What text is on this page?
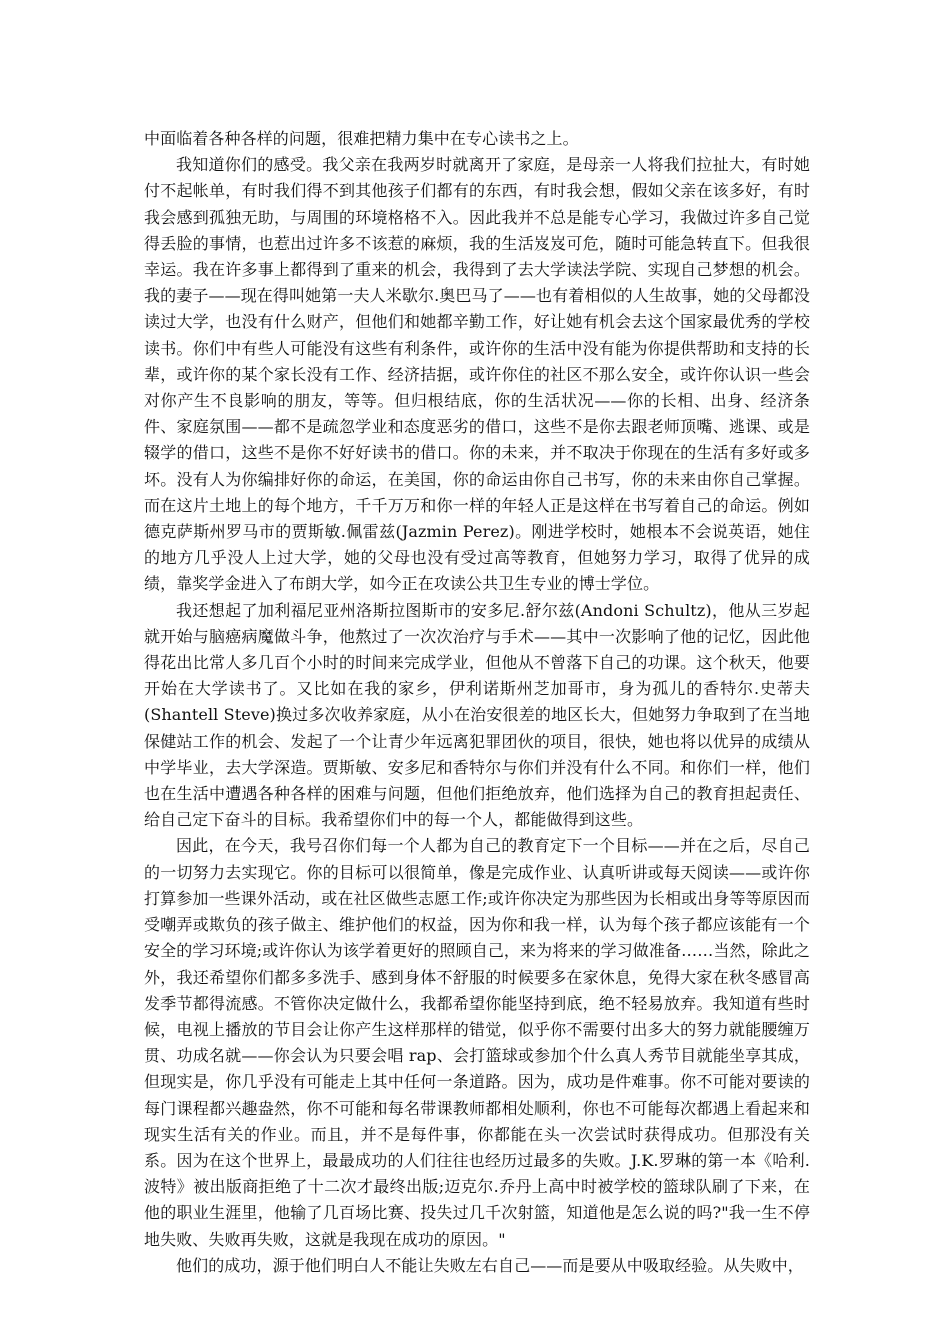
中面临着各种各样的问题，很难把精力集中在专心读书之上。

我知道你们的感受。我父亲在我两岁时就离开了家庭，是母亲一人将我们拉扯大，有时她付不起帐单，有时我们得不到其他孩子们都有的东西，有时我会想，假如父亲在该多好，有时我会感到孤独无助，与周围的环境格格不入。因此我并不总是能专心学习，我做过许多自己觉得丢脸的事情，也惹出过许多不该惹的麻烦，我的生活岌岌可危，随时可能急转直下。但我很幸运。我在许多事上都得到了重来的机会，我得到了去大学读法学院、实现自己梦想的机会。我的妻子——现在得叫她第一夫人米歇尔.奥巴马了——也有着相似的人生故事，她的父母都没读过大学，也没有什么财产，但他们和她都辛勤工作，好让她有机会去这个国家最优秀的学校读书。你们中有些人可能没有这些有利条件，或许你的生活中没有能为你提供帮助和支持的长辈，或许你的某个家长没有工作、经济拮据，或许你住的社区不那么安全，或许你认识一些会对你产生不良影响的朋友，等等。但归根结底，你的生活状况——你的长相、出身、经济条件、家庭氛围——都不是疏忽学业和态度恶劣的借口，这些不是你去跟老师顶嘴、逃课、或是辍学的借口，这些不是你不好好读书的借口。你的未来，并不取决于你现在的生活有多好或多坏。没有人为你编排好你的命运，在美国，你的命运由你自己书写，你的未来由你自己掌握。而在这片土地上的每个地方，千千万万和你一样的年轻人正是这样在书写着自己的命运。例如德克萨斯州罗马市的贾斯敏.佩雷兹(Jazmin Perez)。刚进学校时，她根本不会说英语，她住的地方几乎没人上过大学，她的父母也没有受过高等教育，但她努力学习，取得了优异的成绩，靠奖学金进入了布朗大学，如今正在攻读公共卫生专业的博士学位。

我还想起了加利福尼亚州洛斯拉图斯市的安多尼.舒尔兹(Andoni Schultz)，他从三岁起就开始与脑癌病魔做斗争，他熬过了一次次治疗与手术——其中一次影响了他的记忆，因此他得花出比常人多几百个小时的时间来完成学业，但他从不曾落下自己的功课。这个秋天，他要开始在大学读书了。又比如在我的家乡，伊利诺斯州芝加哥市，身为孤儿的香特尔.史蒂夫(Shantell Steve)换过多次收养家庭，从小在治安很差的地区长大，但她努力争取到了在当地保健站工作的机会、发起了一个让青少年远离犯罪团伙的项目，很快，她也将以优异的成绩从中学毕业，去大学深造。贾斯敏、安多尼和香特尔与你们并没有什么不同。和你们一样，他们也在生活中遭遇各种各样的困难与问题，但他们拒绝放弃，他们选择为自己的教育担起责任、给自己定下奋斗的目标。我希望你们中的每一个人，都能做得到这些。

因此，在今天，我号召你们每一个人都为自己的教育定下一个目标——并在之后，尽自己的一切努力去实现它。你的目标可以很简单，像是完成作业、认真听讲或每天阅读——或许你打算参加一些课外活动，或在社区做些志愿工作;或许你决定为那些因为长相或出身等等原因而受嘲弄或欺负的孩子做主、维护他们的权益，因为你和我一样，认为每个孩子都应该能有一个安全的学习环境;或许你认为该学着更好的照顾自己，来为将来的学习做准备……当然，除此之外，我还希望你们都多多洗手、感到身体不舒服的时候要多在家休息，免得大家在秋冬感冒高发季节都得流感。不管你决定做什么，我都希望你能坚持到底，绝不轻易放弃。我知道有些时候，电视上播放的节目会让你产生这样那样的错觉，似乎你不需要付出多大的努力就能腰缠万贯、功成名就——你会认为只要会唱 rap、会打篮球或参加个什么真人秀节目就能坐享其成，但现实是，你几乎没有可能走上其中任何一条道路。因为，成功是件难事。你不可能对要读的每门课程都兴趣盎然，你不可能和每名带课教师都相处顺利，你也不可能每次都遇上看起来和现实生活有关的作业。而且，并不是每件事，你都能在头一次尝试时获得成功。但那没有关系。因为在这个世界上，最最成功的人们往往也经历过最多的失败。J.K.罗琳的第一本《哈利.波特》被出版商拒绝了十二次才最终出版;迈克尔.乔丹上高中时被学校的篮球队刷了下来，在他的职业生涯里，他输了几百场比赛、投失过几千次射篮，知道他是怎么说的吗?"我一生不停地失败、失败再失败，这就是我现在成功的原因。"

他们的成功，源于他们明白人不能让失败左右自己——而是要从中吸取经验。从失败中，
